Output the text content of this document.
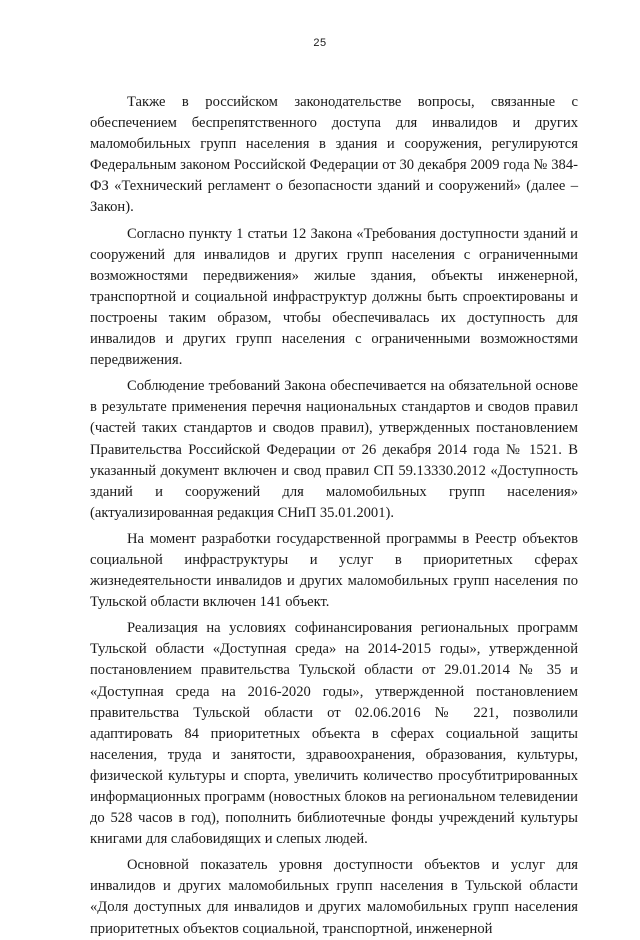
25

Также в российском законодательстве вопросы, связанные с обеспечением беспрепятственного доступа для инвалидов и других маломобильных групп населения в здания и сооружения, регулируются Федеральным законом Российской Федерации от 30 декабря 2009 года № 384-ФЗ «Технический регламент о безопасности зданий и сооружений» (далее – Закон).

Согласно пункту 1 статьи 12 Закона «Требования доступности зданий и сооружений для инвалидов и других групп населения с ограниченными возможностями передвижения» жилые здания, объекты инженерной, транспортной и социальной инфраструктур должны быть спроектированы и построены таким образом, чтобы обеспечивалась их доступность для инвалидов и других групп населения с ограниченными возможностями передвижения.

Соблюдение требований Закона обеспечивается на обязательной основе в результате применения перечня национальных стандартов и сводов правил (частей таких стандартов и сводов правил), утвержденных постановлением Правительства Российской Федерации от 26 декабря 2014 года № 1521. В указанный документ включен и свод правил СП 59.13330.2012 «Доступность зданий и сооружений для маломобильных групп населения» (актуализированная редакция СНиП 35.01.2001).

На момент разработки государственной программы в Реестр объектов социальной инфраструктуры и услуг в приоритетных сферах жизнедеятельности инвалидов и других маломобильных групп населения по Тульской области включен 141 объект.

Реализация на условиях софинансирования региональных программ Тульской области «Доступная среда» на 2014-2015 годы», утвержденной постановлением правительства Тульской области от 29.01.2014 № 35 и «Доступная среда на 2016-2020 годы», утвержденной постановлением правительства Тульской области от 02.06.2016 № 221, позволили адаптировать 84 приоритетных объекта в сферах социальной защиты населения, труда и занятости, здравоохранения, образования, культуры, физической культуры и спорта, увеличить количество просубтитрированных информационных программ (новостных блоков на региональном телевидении до 528 часов в год), пополнить библиотечные фонды учреждений культуры книгами для слабовидящих и слепых людей.

Основной показатель уровня доступности объектов и услуг для инвалидов и других маломобильных групп населения в Тульской области «Доля доступных для инвалидов и других маломобильных групп населения приоритетных объектов социальной, транспортной, инженерной
